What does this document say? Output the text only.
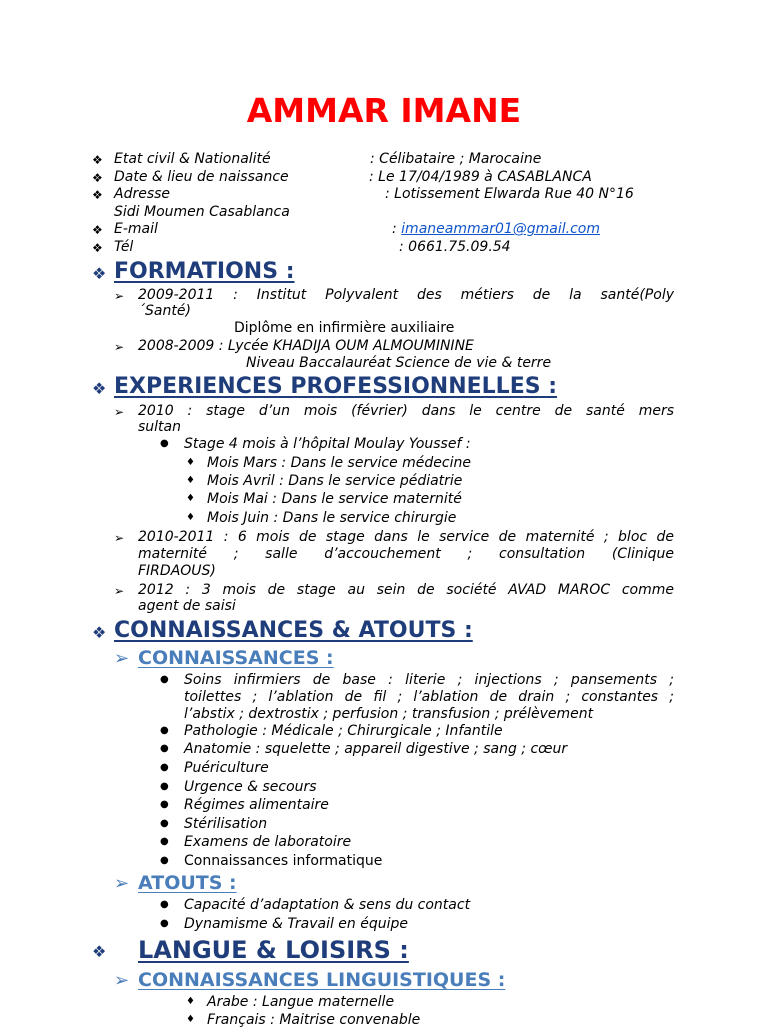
AMMAR IMANE
❖ Etat civil & Nationalité	: Célibataire ; Marocaine
❖ Date & lieu de naissance	: Le 17/04/1989 à CASABLANCA
❖ Adresse	: Lotissement Elwarda Rue 40 N°16
Sidi Moumen Casablanca
❖ E-mail	: imaneammar01@gmail.com
❖ Tél	: 0661.75.09.54
❖ FORMATIONS :
➢ 2009-2011 : Institut Polyvalent des métiers de la santé(Poly
´Santé)
Diplôme en infirmière auxiliaire
➢ 2008-2009 : Lycée KHADIJA OUM ALMOUMININE
Niveau Baccalauréat Science de vie & terre
❖ EXPERIENCES PROFESSIONNELLES :
➢ 2010 : stage d’un mois (février) dans le centre de santé mers
sultan
● Stage 4 mois à l’hôpital Moulay Youssef :
♦ Mois Mars : Dans le service médecine
♦ Mois Avril : Dans le service pédiatrie
♦ Mois Mai : Dans le service maternité
♦ Mois Juin : Dans le service chirurgie
➢ 2010-2011 : 6 mois de stage dans le service de maternité ; bloc de
maternité ; salle d’accouchement ; consultation (Clinique
FIRDAOUS)
➢ 2012 : 3 mois de stage au sein de société AVAD MAROC comme
agent de saisi
❖ CONNAISSANCES & ATOUTS :
➢ CONNAISSANCES :
● Soins infirmiers de base : literie ; injections ; pansements ;
toilettes ; l’ablation de fil ; l’ablation de drain ; constantes ;
l’abstix ; dextrostix ; perfusion ; transfusion ; prélèvement
● Pathologie : Médicale ; Chirurgicale ; Infantile
● Anatomie : squelette ; appareil digestive ; sang ; cœur
● Puériculture
● Urgence & secours
● Régimes alimentaire
● Stérilisation
● Examens de laboratoire
● Connaissances informatique
➢ ATOUTS :
● Capacité d’adaptation & sens du contact
● Dynamisme & Travail en équipe
❖ LANGUE & LOISIRS :
➢ CONNAISSANCES LINGUISTIQUES :
♦ Arabe : Langue maternelle
♦ Français : Maitrise convenable
